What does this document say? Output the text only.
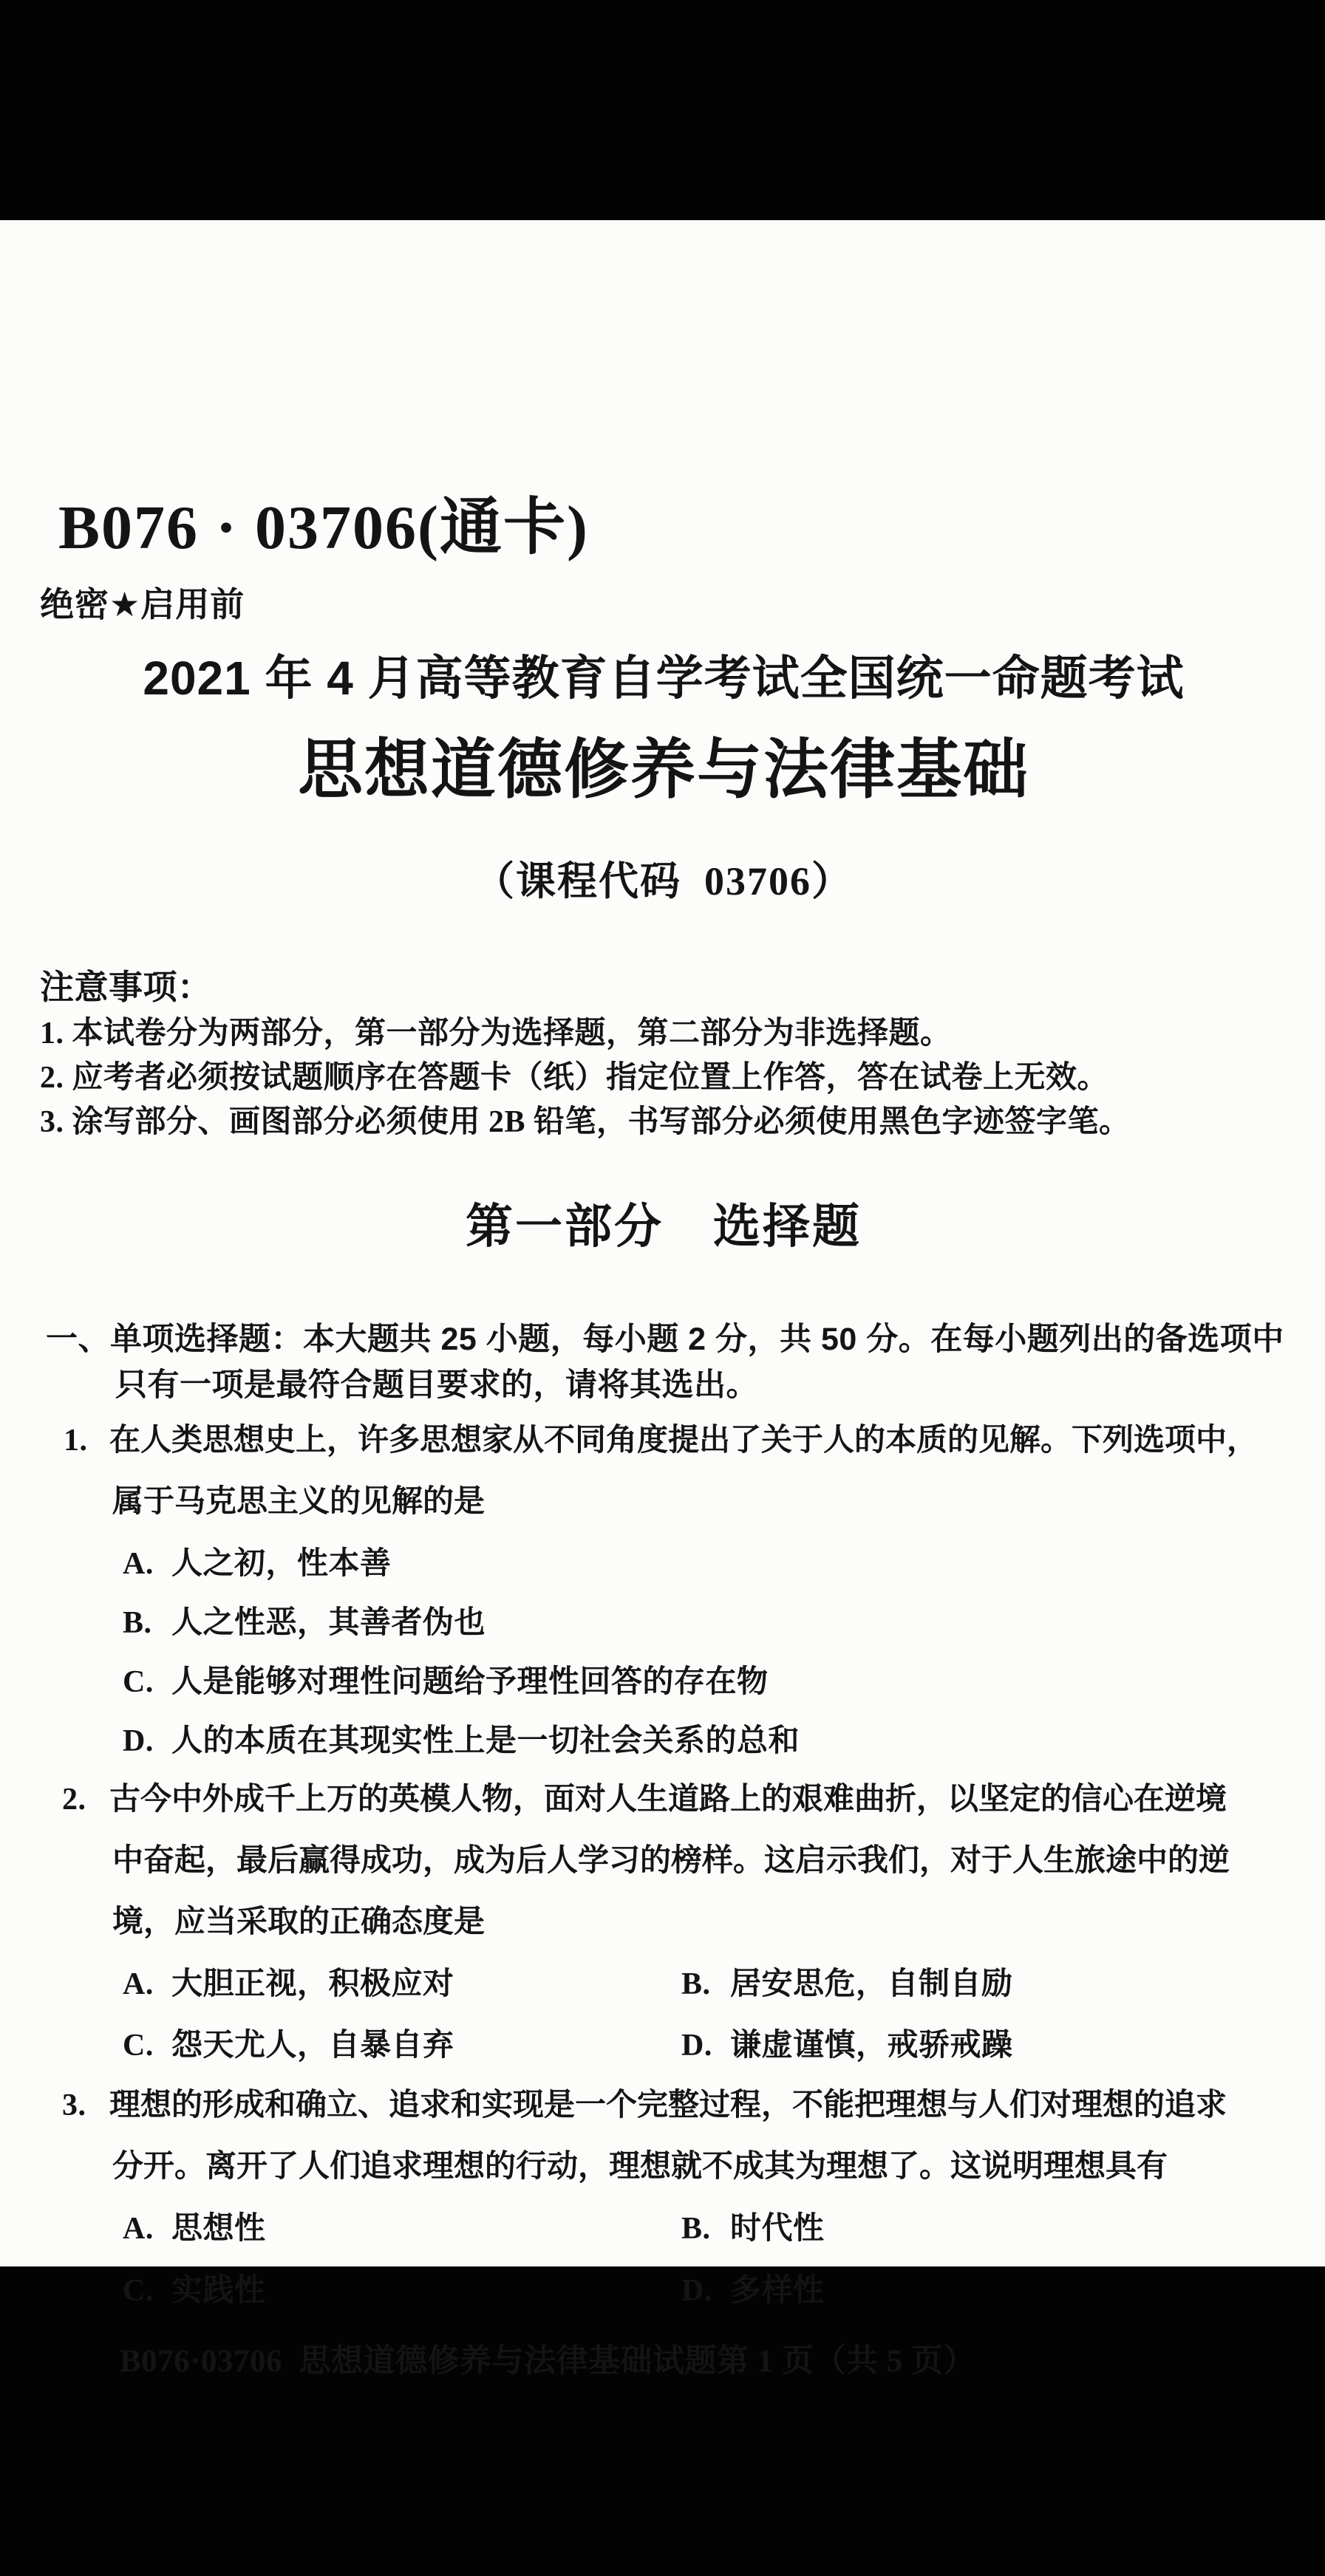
B076 · 03706(通卡)
绝密★启用前
2021 年 4 月高等教育自学考试全国统一命题考试
思想道德修养与法律基础
（课程代码  03706）
注意事项：
1. 本试卷分为两部分，第一部分为选择题，第二部分为非选择题。
2. 应考者必须按试题顺序在答题卡（纸）指定位置上作答，答在试卷上无效。
3. 涂写部分、画图部分必须使用 2B 铅笔，书写部分必须使用黑色字迹签字笔。
第一部分　选择题
一、单项选择题：本大题共 25 小题，每小题 2 分，共 50 分。在每小题列出的备选项中
只有一项是最符合题目要求的，请将其选出。
1. 在人类思想史上，许多思想家从不同角度提出了关于人的本质的见解。下列选项中，
属于马克思主义的见解的是
A. 人之初，性本善
B. 人之性恶，其善者伪也
C. 人是能够对理性问题给予理性回答的存在物
D. 人的本质在其现实性上是一切社会关系的总和
2. 古今中外成千上万的英模人物，面对人生道路上的艰难曲折，以坚定的信心在逆境
中奋起，最后赢得成功，成为后人学习的榜样。这启示我们，对于人生旅途中的逆
境，应当采取的正确态度是
A. 大胆正视，积极应对	B. 居安思危，自制自励
C. 怨天尤人，自暴自弃	D. 谦虚谨慎，戒骄戒躁
3. 理想的形成和确立、追求和实现是一个完整过程，不能把理想与人们对理想的追求
分开。离开了人们追求理想的行动，理想就不成其为理想了。这说明理想具有
A. 思想性	B. 时代性
C. 实践性	D. 多样性
B076·03706  思想道德修养与法律基础试题第 1 页（共 5 页）
